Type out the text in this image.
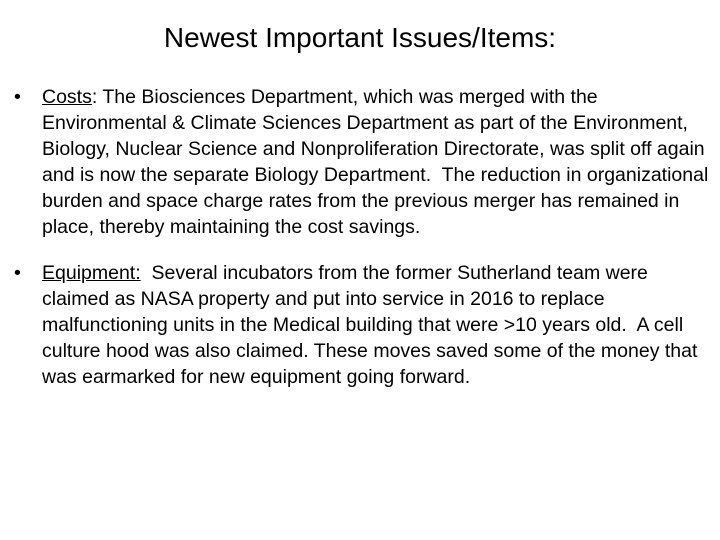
Newest Important Issues/Items:
•	Costs: The Biosciences Department, which was merged with the Environmental & Climate Sciences Department as part of the Environment, Biology, Nuclear Science and Nonproliferation Directorate, was split off again and is now the separate Biology Department.  The reduction in organizational burden and space charge rates from the previous merger has remained in place, thereby maintaining the cost savings.
•	Equipment: Several incubators from the former Sutherland team were claimed as NASA property and put into service in 2016 to replace malfunctioning units in the Medical building that were >10 years old.  A cell culture hood was also claimed. These moves saved some of the money that was earmarked for new equipment going forward.
